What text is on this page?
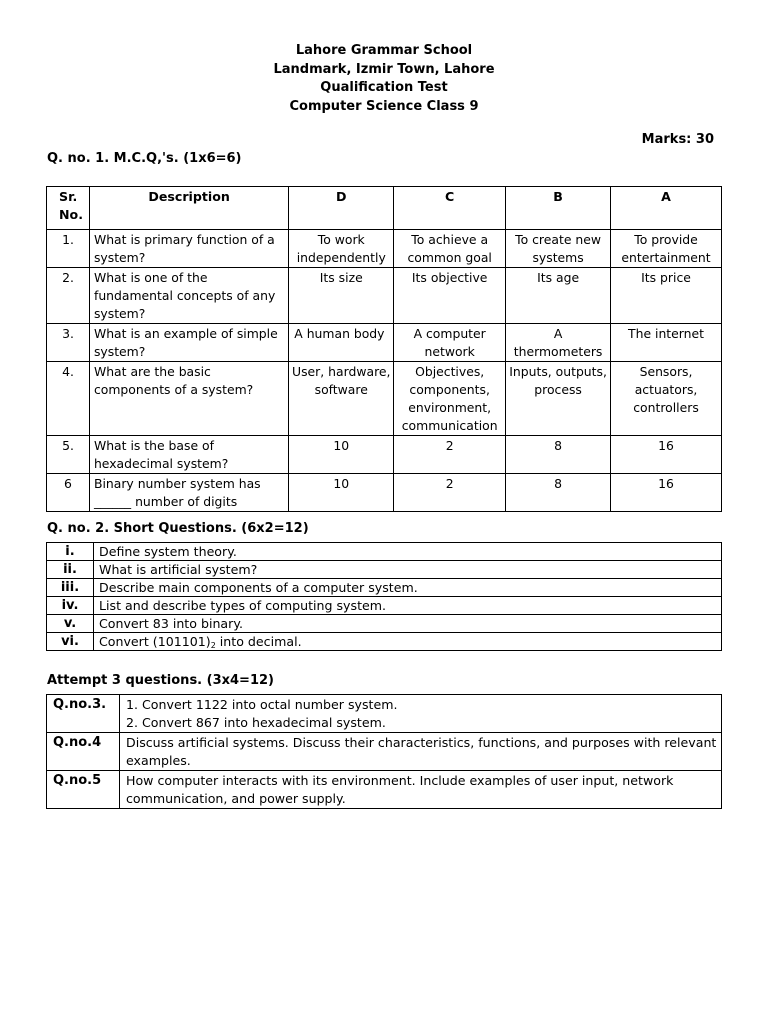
Lahore Grammar School
Landmark, Izmir Town, Lahore
Qualification Test
Computer Science Class 9
Marks: 30
Q. no. 1. M.C.Q,'s. (1x6=6)
Sr. No.	Description	D	C	B	A
1.	What is primary function of a system?	To work independently	To achieve a common goal	To create new systems	To provide entertainment
2.	What is one of the fundamental concepts of any system?	Its size	Its objective	Its age	Its price
3.	What is an example of simple system?	A human body	A computer network	A thermometers	The internet
4.	What are the basic components of a system?	User, hardware, software	Objectives, components, environment, communication	Inputs, outputs, process	Sensors, actuators, controllers
5.	What is the base of hexadecimal system?	10	2	8	16
6	Binary number system has ______ number of digits	10	2	8	16
Q. no. 2. Short Questions. (6x2=12)
i.	Define system theory.
ii.	What is artificial system?
iii.	Describe main components of a computer system.
iv.	List and describe types of computing system.
v.	Convert 83 into binary.
vi.	Convert $(101101)_2$ into decimal.
Attempt 3 questions. (3x4=12)
Q.no.3.	1. Convert 1122 into octal number system.
2. Convert 867 into hexadecimal system.

Q.no.4	Discuss artificial systems. Discuss their characteristics, functions, and purposes with relevant examples.
Q.no.5	How computer interacts with its environment. Include examples of user input, network communication, and power supply.
